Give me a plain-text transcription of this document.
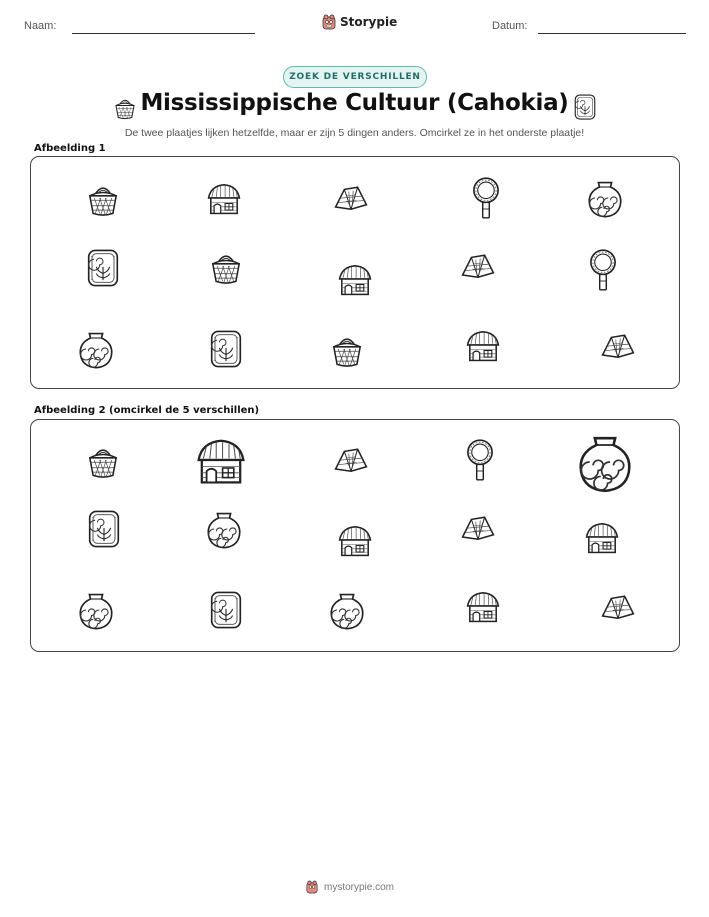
Naam:	Storypie	Datum:
ZOEK DE VERSCHILLEN
Mississippische Cultuur (Cahokia)
De twee plaatjes lijken hetzelfde, maar er zijn 5 dingen anders. Omcirkel ze in het onderste plaatje!
Afbeelding 1
Afbeelding 2 (omcirkel de 5 verschillen)
mystorypie.com
